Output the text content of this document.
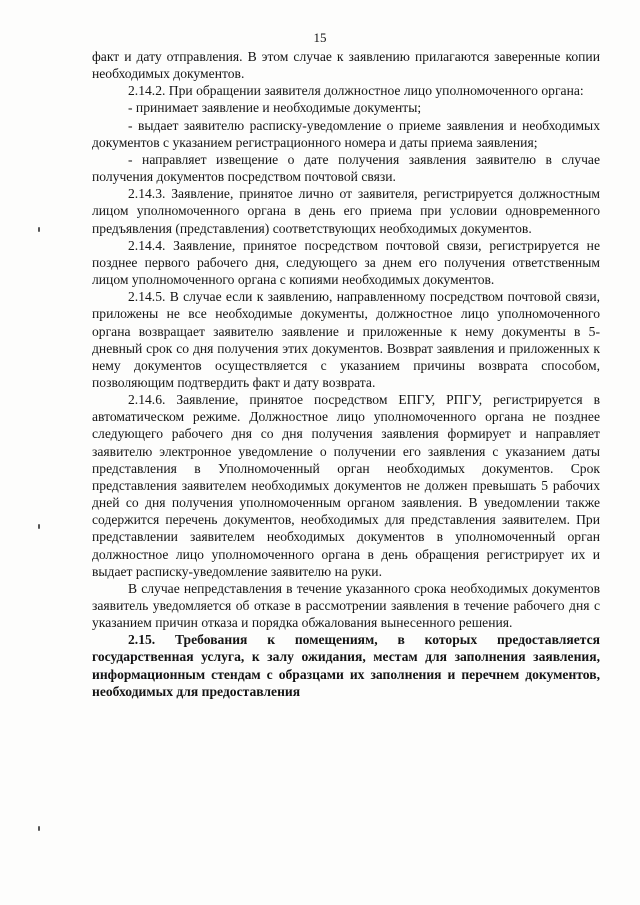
15

факт и дату отправления. В этом случае к заявлению прилагаются заверенные копии необходимых документов.

2.14.2. При обращении заявителя должностное лицо уполномоченного органа:

- принимает заявление и необходимые документы;

- выдает заявителю расписку-уведомление о приеме заявления и необходимых документов с указанием регистрационного номера и даты приема заявления;

- направляет извещение о дате получения заявления заявителю в случае получения документов посредством почтовой связи.

2.14.3. Заявление, принятое лично от заявителя, регистрируется должностным лицом уполномоченного органа в день его приема при условии одновременного предъявления (представления) соответствующих необходимых документов.

2.14.4. Заявление, принятое посредством почтовой связи, регистрируется не позднее первого рабочего дня, следующего за днем его получения ответственным лицом уполномоченного органа с копиями необходимых документов.

2.14.5. В случае если к заявлению, направленному посредством почтовой связи, приложены не все необходимые документы, должностное лицо уполномоченного органа возвращает заявителю заявление и приложенные к нему документы в 5-дневный срок со дня получения этих документов. Возврат заявления и приложенных к нему документов осуществляется с указанием причины возврата способом, позволяющим подтвердить факт и дату возврата.

2.14.6. Заявление, принятое посредством ЕПГУ, РПГУ, регистрируется в автоматическом режиме. Должностное лицо уполномоченного органа не позднее следующего рабочего дня со дня получения заявления формирует и направляет заявителю электронное уведомление о получении его заявления с указанием даты представления в Уполномоченный орган необходимых документов. Срок представления заявителем необходимых документов не должен превышать 5 рабочих дней со дня получения уполномоченным органом заявления. В уведомлении также содержится перечень документов, необходимых для представления заявителем. При представлении заявителем необходимых документов в уполномоченный орган должностное лицо уполномоченного органа в день обращения регистрирует их и выдает расписку-уведомление заявителю на руки.

В случае непредставления в течение указанного срока необходимых документов заявитель уведомляется об отказе в рассмотрении заявления в течение рабочего дня с указанием причин отказа и порядка обжалования вынесенного решения.

2.15. Требования к помещениям, в которых предоставляется государственная услуга, к залу ожидания, местам для заполнения заявления, информационным стендам с образцами их заполнения и перечнем документов, необходимых для предоставления
